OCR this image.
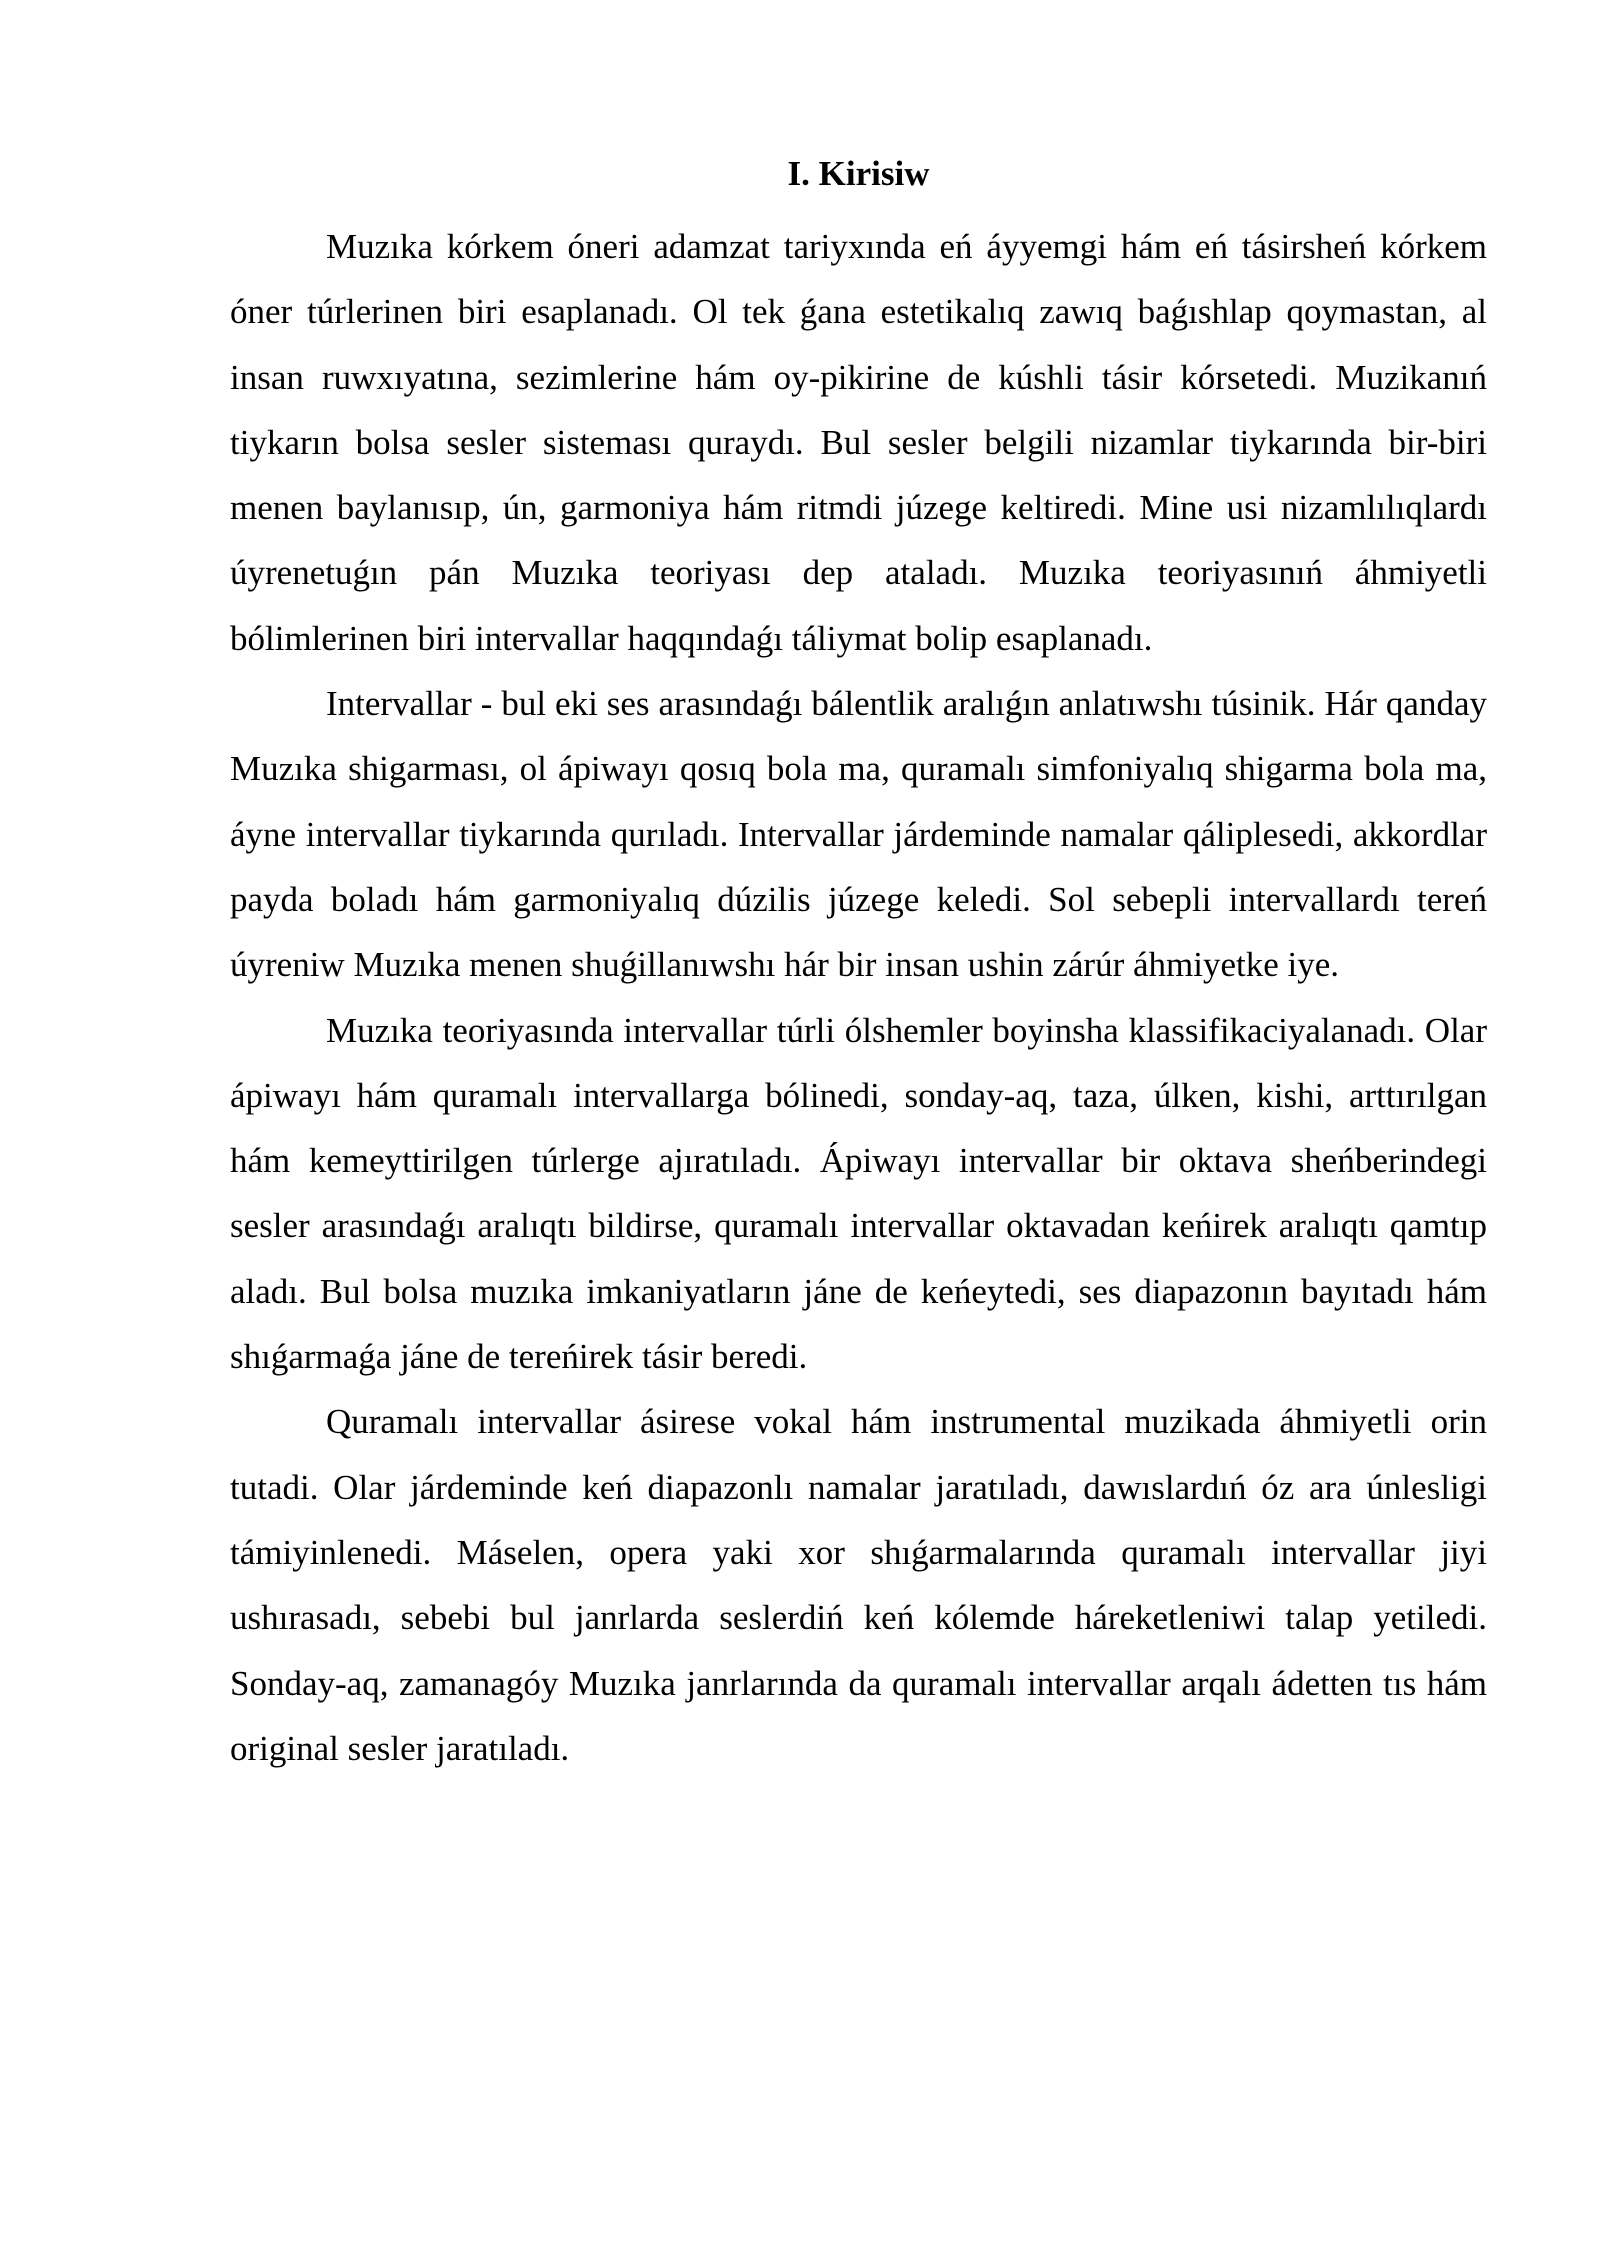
I. Kirisiw

Muzıka kórkem óneri adamzat tariyxında eń áyyemgi hám eń tásirsheń kórkem óner túrlerinen biri esaplanadı. Ol tek ǵana estetikalıq zawıq baǵıshlap qoymastan, al insan ruwxıyatına, sezimlerine hám oy-pikirine de kúshli tásir kórsetedi. Muzikanıń tiykarın bolsa sesler sisteması quraydı. Bul sesler belgili nizamlar tiykarında bir-biri menen baylanısıp, ún, garmoniya hám ritmdi júzege keltiredi. Mine usi nizamlılıqlardı úyrenetuǵın pán Muzıka teoriyası dep ataladı. Muzıka teoriyasınıń áhmiyetli bólimlerinen biri intervallar haqqındaǵı táliymat bolip esaplanadı.

Intervallar - bul eki ses arasındaǵı bálentlik aralıǵın anlatıwshı túsinik. Hár qanday Muzıka shigarması, ol ápiwayı qosıq bola ma, quramalı simfoniyalıq shigarma bola ma, áyne intervallar tiykarında qurıladı. Intervallar járdeminde namalar qáliplesedi, akkordlar payda boladı hám garmoniyalıq dúzilis júzege keledi. Sol sebepli intervallardı tereń úyreniw Muzıka menen shuǵillanıwshı hár bir insan ushin zárúr áhmiyetke iye.

Muzıka teoriyasında intervallar túrli ólshemler boyinsha klassifikaciyalanadı. Olar ápiwayı hám quramalı intervallarga bólinedi, sonday-aq, taza, úlken, kishi, arttırılgan hám kemeyttirilgen túrlerge ajıratıladı. Ápiwayı intervallar bir oktava sheńberindegi sesler arasındaǵı aralıqtı bildirse, quramalı intervallar oktavadan keńirek aralıqtı qamtıp aladı. Bul bolsa muzıka imkaniyatların jáne de keńeytedi, ses diapazonın bayıtadı hám shıǵarmaǵa jáne de tereńirek tásir beredi.

Quramalı intervallar ásirese vokal hám instrumental muzikada áhmiyetli orin tutadi. Olar járdeminde keń diapazonlı namalar jaratıladı, dawıslardıń óz ara únlesligi támiyinlenedi. Máselen, opera yaki xor shıǵarmalarında quramalı intervallar jiyi ushırasadı, sebebi bul janrlarda seslerdiń keń kólemde háreketleniwi talap yetiledi. Sonday-aq, zamanagóy Muzıka janrlarında da quramalı intervallar arqalı ádetten tıs hám original sesler jaratıladı.
